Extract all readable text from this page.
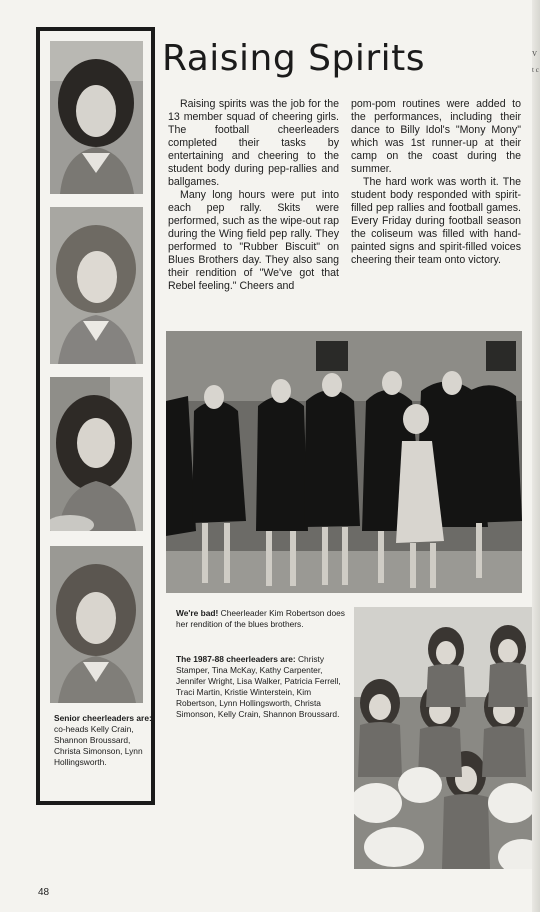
V t c
Senior cheerleaders are: co-heads Kelly Crain, Shannon Broussard, Christa Simonson, Lynn Hollingsworth.
Raising Spirits

Raising spirits was the job for the 13 member squad of cheering girls. The football cheerleaders completed their tasks by entertaining and cheering to the student body during pep-rallies and ballgames.

Many long hours were put into each pep rally. Skits were performed, such as the wipe-out rap during the Wing field pep rally. They performed to "Rubber Biscuit" on Blues Brothers day. They also sang their rendition of "We've got that Rebel feeling." Cheers and

pom-pom routines were added to the performances, including their dance to Billy Idol's "Mony Mony" which was 1st runner-up at their camp on the coast during the summer.

The hard work was worth it. The student body responded with spirit-filled pep rallies and football games. Every Friday during football season the coliseum was filled with hand-painted signs and spirit-filled voices cheering their team onto victory.

We're bad! Cheerleader Kim Robertson does her rendition of the blues brothers.
The 1987-88 cheerleaders are: Christy Stamper, Tina McKay, Kathy Carpenter, Jennifer Wright, Lisa Walker, Patricia Ferrell, Traci Martin, Kristie Winterstein, Kim Robertson, Lynn Hollingsworth, Christa Simonson, Kelly Crain, Shannon Broussard.
48
